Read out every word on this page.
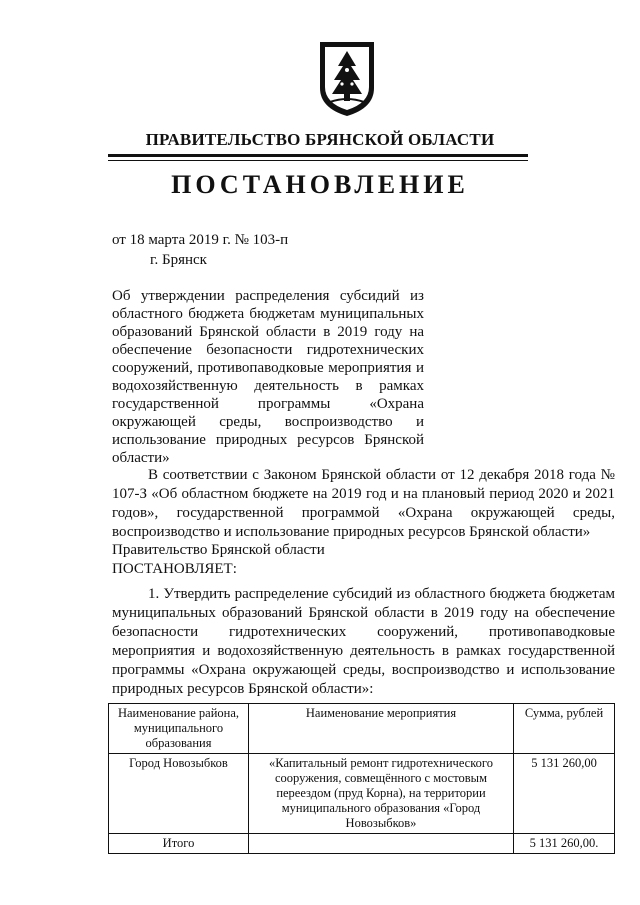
ПРАВИТЕЛЬСТВО БРЯНСКОЙ ОБЛАСТИ
ПОСТАНОВЛЕНИЕ
от 18 марта 2019 г. № 103-п
г. Брянск
Об утверждении распределения субсидий из областного бюджета бюджетам муниципальных образований Брянской области в 2019 году на обеспечение безопасности гидротехнических сооружений, противопаводковые мероприятия и водохозяйственную деятельность в рамках государственной программы «Охрана окружающей среды, воспроизводство и использование природных ресурсов Брянской области»
В соответствии с Законом Брянской области от 12 декабря 2018 года № 107-З «Об областном бюджете на 2019 год и на плановый период 2020 и 2021 годов», государственной программой «Охрана окружающей среды, воспроизводство и использование природных ресурсов Брянской области»
Правительство Брянской области
ПОСТАНОВЛЯЕТ:
1. Утвердить распределение субсидий из областного бюджета бюджетам муниципальных образований Брянской области в 2019 году на обеспечение безопасности гидротехнических сооружений, противопаводковые мероприятия и водохозяйственную деятельность в рамках государственной программы «Охрана окружающей среды, воспроизводство и использование природных ресурсов Брянской области»:
Наименование района, муниципального образования	Наименование мероприятия	Сумма, рублей
Город Новозыбков	«Капитальный ремонт гидротехнического сооружения, совмещённого с мостовым переездом (пруд Корна), на территории муниципального образования «Город Новозыбков»	5 131 260,00
Итого		5 131 260,00.
